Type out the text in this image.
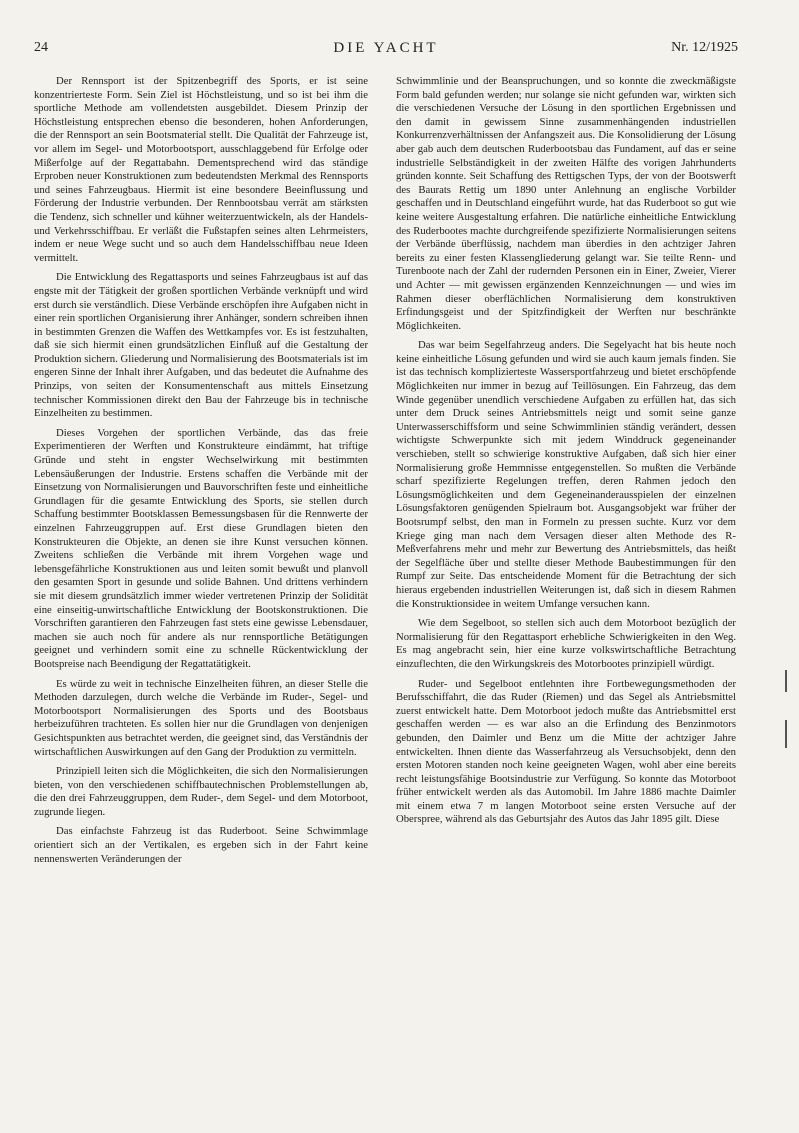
24	DIE YACHT	Nr. 12/1925

Der Rennsport ist der Spitzenbegriff des Sports, er ist seine konzentrierteste Form. Sein Ziel ist Höchstleistung, und so ist bei ihm die sportliche Methode am vollendetsten ausgebildet. Diesem Prinzip der Höchstleistung entsprechen ebenso die besonderen, hohen Anforderungen, die der Rennsport an sein Bootsmaterial stellt. Die Qualität der Fahrzeuge ist, vor allem im Segel- und Motorbootsport, ausschlaggebend für Erfolge oder Mißerfolge auf der Regattabahn. Dementsprechend wird das ständige Erproben neuer Konstruktionen zum bedeutendsten Merkmal des Rennsports und seines Fahrzeugbaus. Hiermit ist eine besondere Beeinflussung und Förderung der Industrie verbunden. Der Rennbootsbau verrät am stärksten die Tendenz, sich schneller und kühner weiterzuentwickeln, als der Handels- und Verkehrsschiffbau. Er verläßt die Fußstapfen seines alten Lehrmeisters, indem er neue Wege sucht und so auch dem Handelsschiffbau neue Ideen vermittelt.

Die Entwicklung des Regattasports und seines Fahrzeugbaus ist auf das engste mit der Tätigkeit der großen sportlichen Verbände verknüpft und wird erst durch sie verständlich. Diese Verbände erschöpfen ihre Aufgaben nicht in einer rein sportlichen Organisierung ihrer Anhänger, sondern schreiben ihnen in bestimmten Grenzen die Waffen des Wettkampfes vor. Es ist festzuhalten, daß sie sich hiermit einen grundsätzlichen Einfluß auf die Gestaltung der Produktion sichern. Gliederung und Normalisierung des Bootsmaterials ist im engeren Sinne der Inhalt ihrer Aufgaben, und das bedeutet die Aufnahme des Prinzips, von seiten der Konsumentenschaft aus mittels Einsetzung technischer Kommissionen direkt den Bau der Fahrzeuge bis in technische Einzelheiten zu bestimmen.

Dieses Vorgehen der sportlichen Verbände, das das freie Experimentieren der Werften und Konstrukteure eindämmt, hat triftige Gründe und steht in engster Wechselwirkung mit bestimmten Lebensäußerungen der Industrie. Erstens schaffen die Verbände mit der Einsetzung von Normalisierungen und Bauvorschriften feste und einheitliche Grundlagen für die gesamte Entwicklung des Sports, sie stellen durch Schaffung bestimmter Bootsklassen Bemessungsbasen für die Rennwerte der einzelnen Fahrzeuggruppen auf. Erst diese Grundlagen bieten den Konstrukteuren die Objekte, an denen sie ihre Kunst versuchen können. Zweitens schließen die Verbände mit ihrem Vorgehen wage und lebensgefährliche Konstruktionen aus und leiten somit bewußt und planvoll den gesamten Sport in gesunde und solide Bahnen. Und drittens verhindern sie mit diesem grundsätzlich immer wieder vertretenen Prinzip der Solidität eine einseitig-unwirtschaftliche Entwicklung der Bootskonstruktionen. Die Vorschriften garantieren den Fahrzeugen fast stets eine gewisse Lebensdauer, machen sie auch noch für andere als nur rennsportliche Betätigungen geeignet und verhindern somit eine zu schnelle Rückentwicklung der Bootspreise nach Beendigung der Regattatätigkeit.

Es würde zu weit in technische Einzelheiten führen, an dieser Stelle die Methoden darzulegen, durch welche die Verbände im Ruder-, Segel- und Motorbootsport Normalisierungen des Sports und des Bootsbaus herbeizuführen trachteten. Es sollen hier nur die Grundlagen von denjenigen Gesichtspunkten aus betrachtet werden, die geeignet sind, das Verständnis der wirtschaftlichen Auswirkungen auf den Gang der Produktion zu vermitteln.

Prinzipiell leiten sich die Möglichkeiten, die sich den Normalisierungen bieten, von den verschiedenen schiffbautechnischen Problemstellungen ab, die den drei Fahrzeuggruppen, dem Ruder-, dem Segel- und dem Motorboot, zugrunde liegen.

Das einfachste Fahrzeug ist das Ruderboot. Seine Schwimmlage orientiert sich an der Vertikalen, es ergeben sich in der Fahrt keine nennenswerten Veränderungen der

Schwimmlinie und der Beanspruchungen, und so konnte die zweckmäßigste Form bald gefunden werden; nur solange sie nicht gefunden war, wirkten sich die verschiedenen Versuche der Lösung in den sportlichen Ergebnissen und den damit in gewissem Sinne zusammenhängenden industriellen Konkurrenzverhältnissen der Anfangszeit aus. Die Konsolidierung der Lösung aber gab auch dem deutschen Ruderbootsbau das Fundament, auf das er seine industrielle Selbständigkeit in der zweiten Hälfte des vorigen Jahrhunderts gründen konnte. Seit Schaffung des Rettigschen Typs, der von der Bootswerft des Baurats Rettig um 1890 unter Anlehnung an englische Vorbilder geschaffen und in Deutschland eingeführt wurde, hat das Ruderboot so gut wie keine weitere Ausgestaltung erfahren. Die natürliche einheitliche Entwicklung des Ruderbootes machte durchgreifende spezifizierte Normalisierungen seitens der Verbände überflüssig, nachdem man überdies in den achtziger Jahren bereits zu einer festen Klassengliederung gelangt war. Sie teilte Renn- und Turenboote nach der Zahl der rudernden Personen ein in Einer, Zweier, Vierer und Achter — mit gewissen ergänzenden Kennzeichnungen — und wies im Rahmen dieser oberflächlichen Normalisierung dem konstruktiven Erfindungsgeist und der Spitzfindigkeit der Werften nur beschränkte Möglichkeiten.

Das war beim Segelfahrzeug anders. Die Segelyacht hat bis heute noch keine einheitliche Lösung gefunden und wird sie auch kaum jemals finden. Sie ist das technisch komplizierteste Wassersportfahrzeug und bietet erschöpfende Möglichkeiten nur immer in bezug auf Teillösungen. Ein Fahrzeug, das dem Winde gegenüber unendlich verschiedene Aufgaben zu erfüllen hat, das sich unter dem Druck seines Antriebsmittels neigt und somit seine ganze Unterwasserschiffsform und seine Schwimmlinien ständig verändert, dessen wichtigste Schwerpunkte sich mit jedem Winddruck gegeneinander verschieben, stellt so schwierige konstruktive Aufgaben, daß sich hier einer Normalisierung große Hemmnisse entgegenstellen. So mußten die Verbände scharf spezifizierte Regelungen treffen, deren Rahmen jedoch den Lösungsmöglichkeiten und dem Gegeneinanderausspielen der einzelnen Lösungsfaktoren genügenden Spielraum bot. Ausgangsobjekt war früher der Bootsrumpf selbst, den man in Formeln zu pressen suchte. Kurz vor dem Kriege ging man nach dem Versagen dieser alten Methode des R-Meßverfahrens mehr und mehr zur Bewertung des Antriebsmittels, das heißt der Segelfläche über und stellte dieser Methode Baubestimmungen für den Rumpf zur Seite. Das entscheidende Moment für die Betrachtung der sich hieraus ergebenden industriellen Weiterungen ist, daß sich in diesem Rahmen die Konstruktionsidee in weitem Umfange versuchen kann.

Wie dem Segelboot, so stellen sich auch dem Motorboot bezüglich der Normalisierung für den Regattasport erhebliche Schwierigkeiten in den Weg. Es mag angebracht sein, hier eine kurze volkswirtschaftliche Betrachtung einzuflechten, die den Wirkungskreis des Motorbootes prinzipiell würdigt.

Ruder- und Segelboot entlehnten ihre Fortbewegungsmethoden der Berufsschiffahrt, die das Ruder (Riemen) und das Segel als Antriebsmittel zuerst entwickelt hatte. Dem Motorboot jedoch mußte das Antriebsmittel erst geschaffen werden — es war also an die Erfindung des Benzinmotors gebunden, den Daimler und Benz um die Mitte der achtziger Jahre entwickelten. Ihnen diente das Wasserfahrzeug als Versuchsobjekt, denn den ersten Motoren standen noch keine geeigneten Wagen, wohl aber eine bereits recht leistungsfähige Bootsindustrie zur Verfügung. So konnte das Motorboot früher entwickelt werden als das Automobil. Im Jahre 1886 machte Daimler mit einem etwa 7 m langen Motorboot seine ersten Versuche auf der Oberspree, während als das Geburtsjahr des Autos das Jahr 1895 gilt. Diese
